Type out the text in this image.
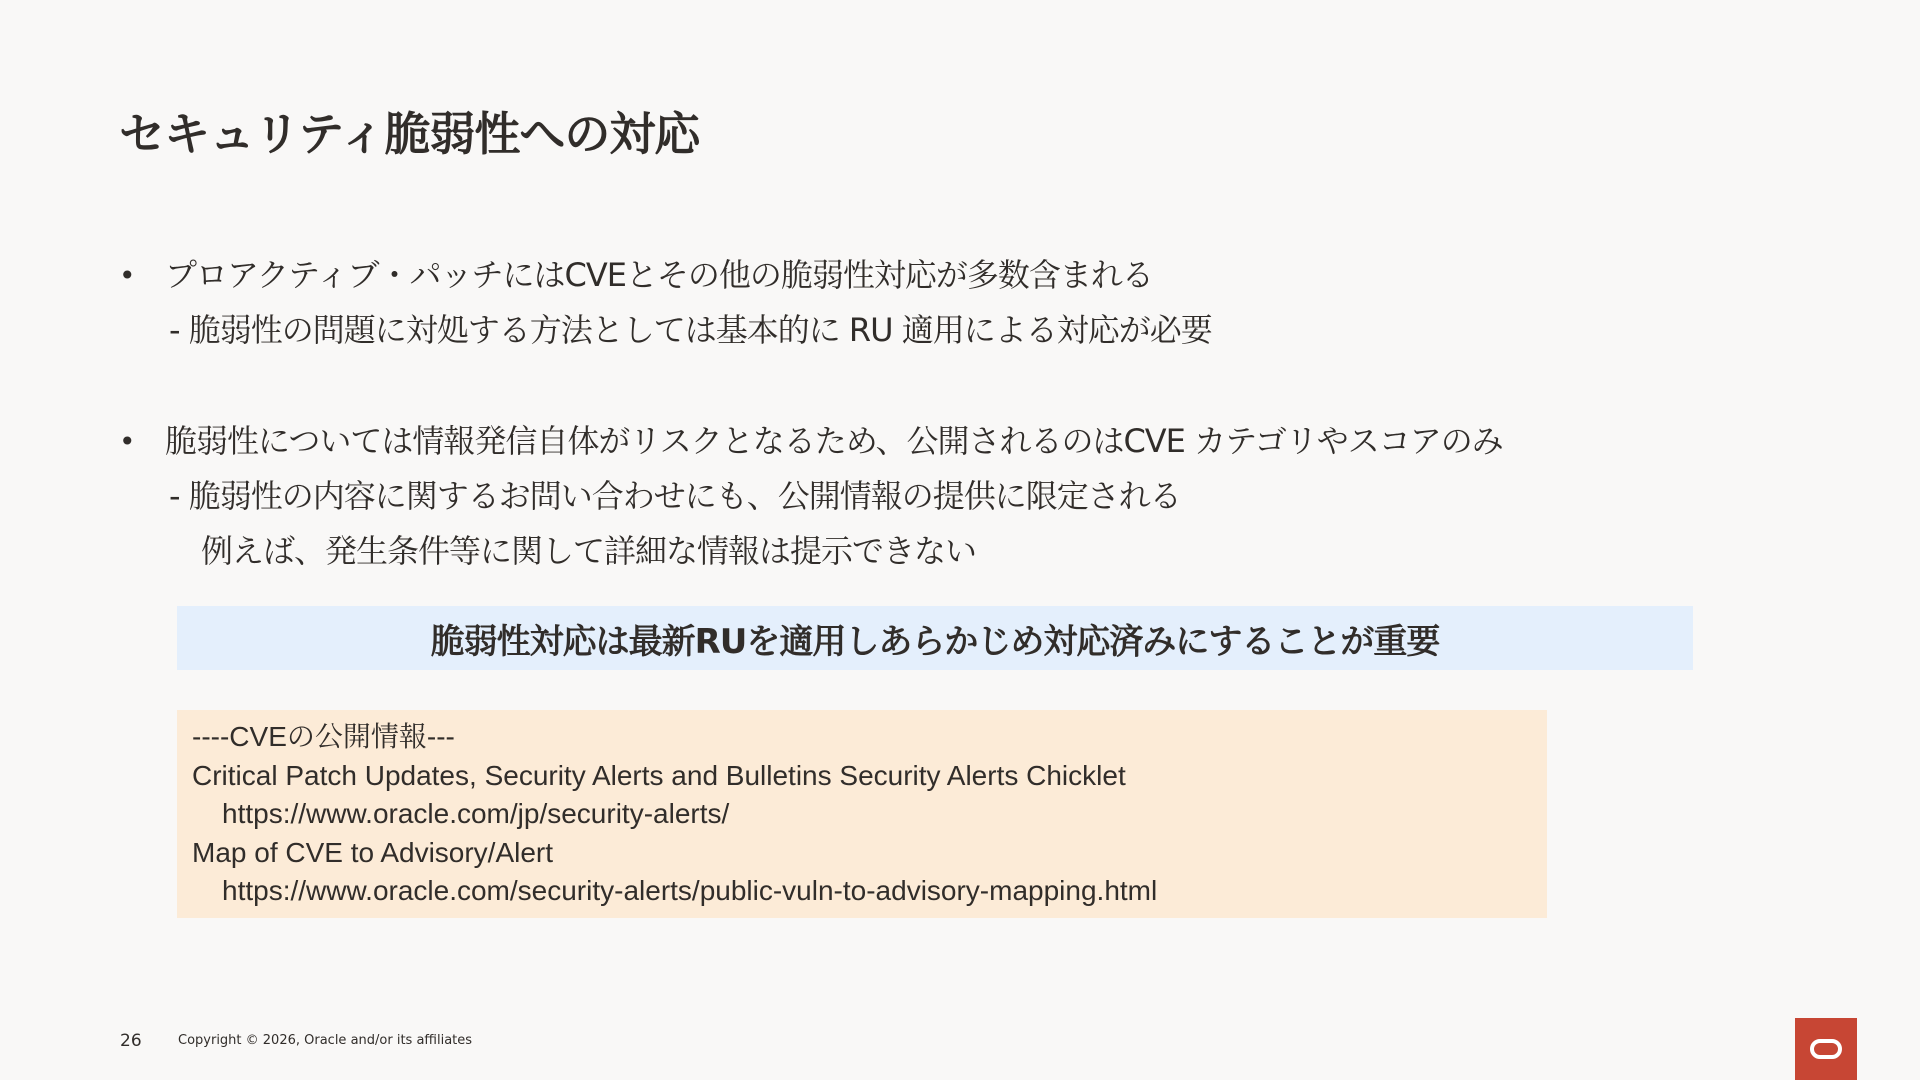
セキュリティ脆弱性への対応
• プロアクティブ・パッチにはCVEとその他の脆弱性対応が多数含まれる
- 脆弱性の問題に対処する方法としては基本的に RU 適用による対応が必要
• 脆弱性については情報発信自体がリスクとなるため、公開されるのはCVE カテゴリやスコアのみ
- 脆弱性の内容に関するお問い合わせにも、公開情報の提供に限定される
例えば、発生条件等に関して詳細な情報は提示できない
脆弱性対応は最新RUを適用しあらかじめ対応済みにすることが重要
----CVEの公開情報---
Critical Patch Updates, Security Alerts and Bulletins Security Alerts Chicklet
https://www.oracle.com/jp/security-alerts/
Map of CVE to Advisory/Alert
https://www.oracle.com/security-alerts/public-vuln-to-advisory-mapping.html
26	Copyright © 2026, Oracle and/or its affiliates
